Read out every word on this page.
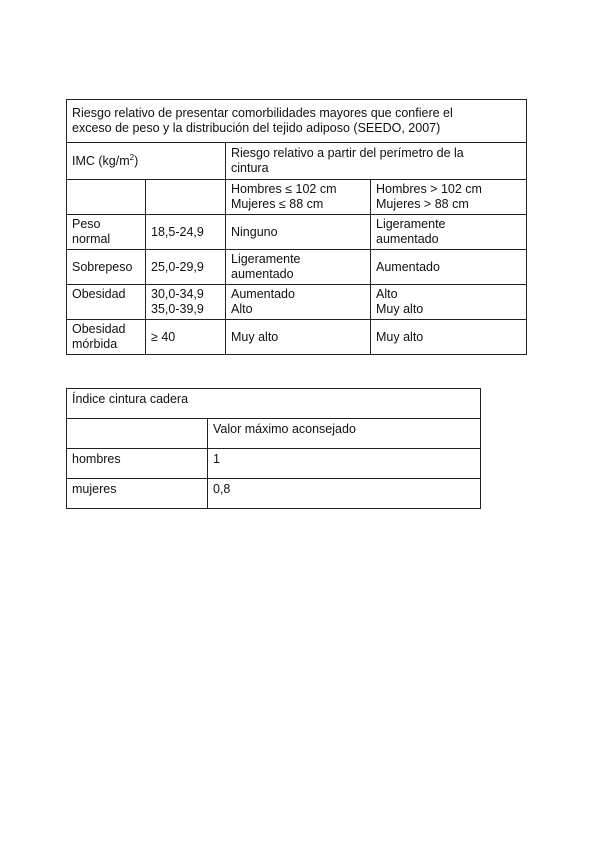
Riesgo relativo de presentar comorbilidades mayores que confiere el
exceso de peso y la distribución del tejido adiposo (SEEDO, 2007)			

IMC $(kg/m^2)$		Riesgo relativo a partir del perímetro de la
cintura	

		Hombres ≤ 102 cm
Mujeres ≤ 88 cm	Hombres > 102 cm
Mujeres > 88 cm

Peso
normal	18,5-24,9	Ninguno	Ligeramente
aumentado

Sobrepeso	25,0-29,9	Ligeramente
aumentado	Aumentado

Obesidad	30,0-34,9
35,0-39,9	Aumentado
Alto	Alto
Muy alto

Obesidad
mórbida	≥ 40	Muy alto	Muy alto
Índice cintura cadera	
	Valor máximo aconsejado
hombres	1
mujeres	0,8
